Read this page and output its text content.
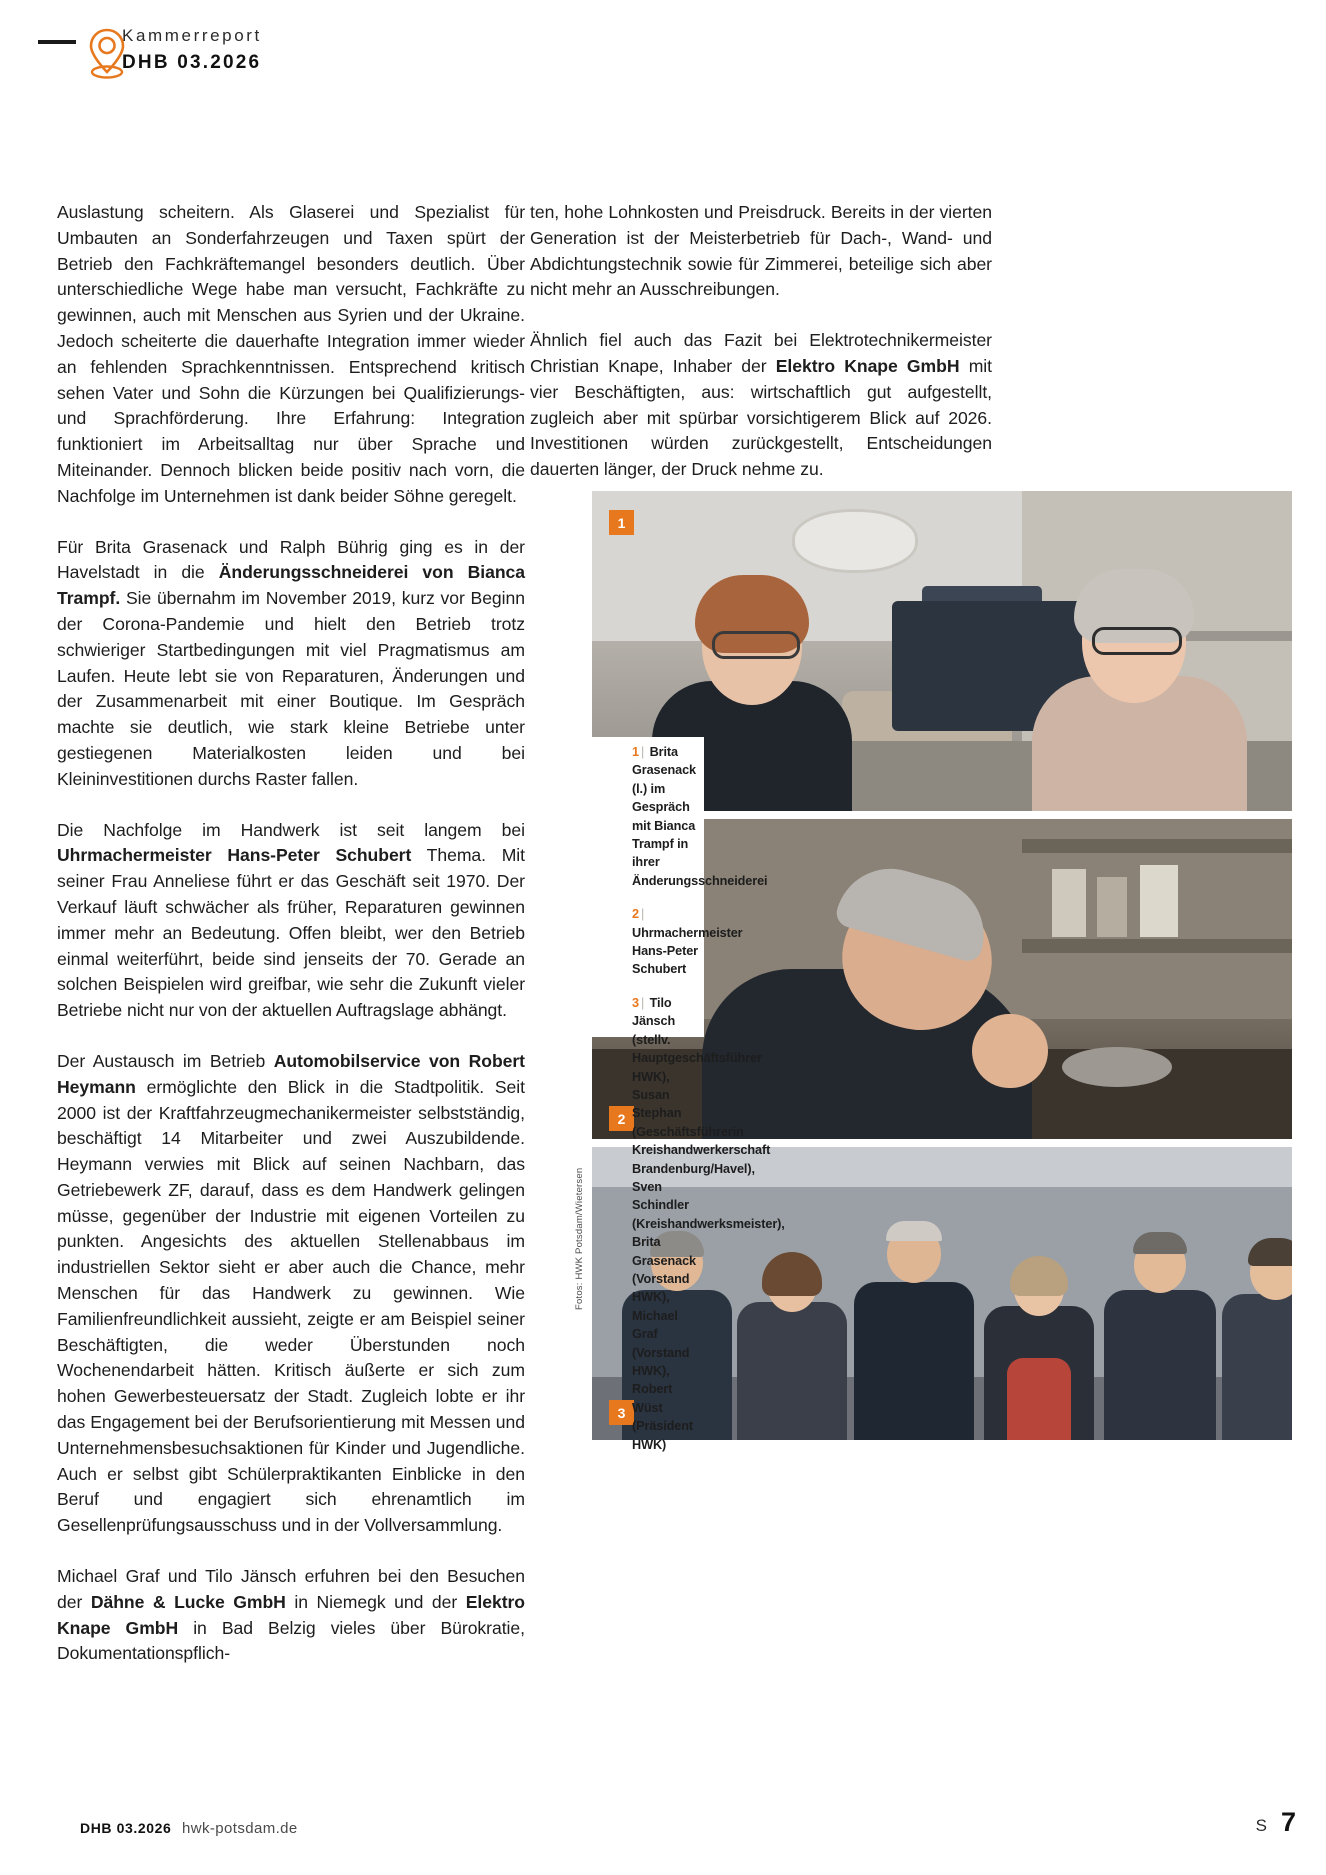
Kammerreport
DHB 03.2026

Auslastung scheitern. Als Glaserei und Spezialist für Umbauten an Sonderfahrzeugen und Taxen spürt der Betrieb den Fachkräftemangel besonders deutlich. Über unterschiedliche Wege habe man versucht, Fachkräfte zu gewinnen, auch mit Menschen aus Syrien und der Ukraine. Jedoch scheiterte die dauerhafte Integration immer wieder an fehlenden Sprachkenntnissen. Entsprechend kritisch sehen Vater und Sohn die Kürzungen bei Qualifizierungs- und Sprachförderung. Ihre Erfahrung: Integration funktioniert im Arbeitsalltag nur über Sprache und Miteinander. Dennoch blicken beide positiv nach vorn, die Nachfolge im Unternehmen ist dank beider Söhne geregelt.

Für Brita Grasenack und Ralph Bührig ging es in der Havelstadt in die Änderungsschneiderei von Bianca Trampf. Sie übernahm im November 2019, kurz vor Beginn der Corona-Pandemie und hielt den Betrieb trotz schwieriger Startbedingungen mit viel Pragmatismus am Laufen. Heute lebt sie von Reparaturen, Änderungen und der Zusammenarbeit mit einer Boutique. Im Gespräch machte sie deutlich, wie stark kleine Betriebe unter gestiegenen Materialkosten leiden und bei Kleininvestitionen durchs Raster fallen.

Die Nachfolge im Handwerk ist seit langem bei Uhrmachermeister Hans-Peter Schubert Thema. Mit seiner Frau Anneliese führt er das Geschäft seit 1970. Der Verkauf läuft schwächer als früher, Reparaturen gewinnen immer mehr an Bedeutung. Offen bleibt, wer den Betrieb einmal weiterführt, beide sind jenseits der 70. Gerade an solchen Beispielen wird greifbar, wie sehr die Zukunft vieler Betriebe nicht nur von der aktuellen Auftragslage abhängt.

Der Austausch im Betrieb Automobilservice von Robert Heymann ermöglichte den Blick in die Stadtpolitik. Seit 2000 ist der Kraftfahrzeugmechanikermeister selbstständig, beschäftigt 14 Mitarbeiter und zwei Auszubildende. Heymann verwies mit Blick auf seinen Nachbarn, das Getriebewerk ZF, darauf, dass es dem Handwerk gelingen müsse, gegenüber der Industrie mit eigenen Vorteilen zu punkten. Angesichts des aktuellen Stellenabbaus im industriellen Sektor sieht er aber auch die Chance, mehr Menschen für das Handwerk zu gewinnen. Wie Familienfreundlichkeit aussieht, zeigte er am Beispiel seiner Beschäftigten, die weder Überstunden noch Wochenendarbeit hätten. Kritisch äußerte er sich zum hohen Gewerbesteuersatz der Stadt. Zugleich lobte er ihr das Engagement bei der Berufsorientierung mit Messen und Unternehmensbesuchsaktionen für Kinder und Jugendliche. Auch er selbst gibt Schülerpraktikanten Einblicke in den Beruf und engagiert sich ehrenamtlich im Gesellenprüfungsausschuss und in der Vollversammlung.

Michael Graf und Tilo Jänsch erfuhren bei den Besuchen der Dähne & Lucke GmbH in Niemegk und der Elektro Knape GmbH in Bad Belzig vieles über Bürokratie, Dokumentationspflich-

ten, hohe Lohnkosten und Preisdruck. Bereits in der vierten Generation ist der Meisterbetrieb für Dach-, Wand- und Abdichtungstechnik sowie für Zimmerei, beteilige sich aber nicht mehr an Ausschreibungen.

Ähnlich fiel auch das Fazit bei Elektrotechnikermeister Christian Knape, Inhaber der Elektro Knape GmbH mit vier Beschäftigten, aus: wirtschaftlich gut aufgestellt, zugleich aber mit spürbar vorsichtigerem Blick auf 2026. Investitionen würden zurückgestellt, Entscheidungen dauerten länger, der Druck nehme zu.

1
2
3
1 | Brita Grasenack (l.) im Gespräch mit Bianca Trampf in ihrer Änderungsschneiderei
2 | Uhrmachermeister Hans-Peter Schubert
3 | Tilo Jänsch (stellv. Hauptgeschäftsführer HWK), Susan Stephan (Geschäftsführerin Kreishandwerkerschaft Brandenburg/Havel), Sven Schindler (Kreishandwerksmeister), Brita Grasenack (Vorstand HWK), Michael Graf (Vorstand HWK), Robert Wüst (Präsident HWK)
Fotos: HWK Potsdam/Wietersen
DHB 03.2026 hwk-potsdam.de	S 7
